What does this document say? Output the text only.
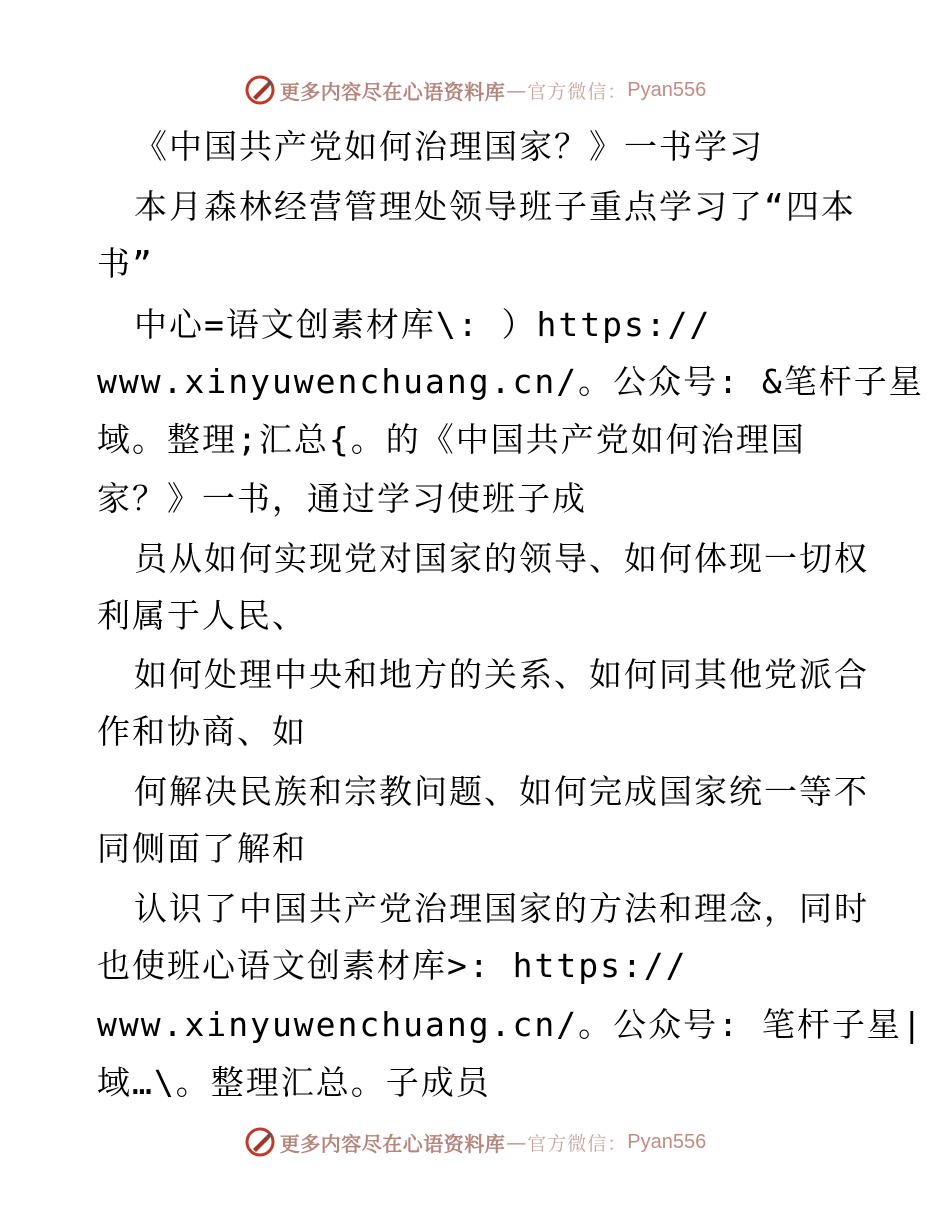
更多内容尽在心语资料库 — 官方微信： Pyan556
《中国共产党如何治理国家？》一书学习
本月森林经营管理处领导班子重点学习了“四本
书”
中心=语文创素材库\: ）https://
www.xinyuwenchuang.cn/。公众号: &笔杆子星
域。整理;汇总{。的《中国共产党如何治理国
家？》一书，通过学习使班子成
员从如何实现党对国家的领导、如何体现一切权
利属于人民、
如何处理中央和地方的关系、如何同其他党派合
作和协商、如
何解决民族和宗教问题、如何完成国家统一等不
同侧面了解和
认识了中国共产党治理国家的方法和理念，同时
也使班心语文创素材库>: https://
www.xinyuwenchuang.cn/。公众号: 笔杆子星|
域…\。整理汇总。子成员
更多内容尽在心语资料库 — 官方微信： Pyan556
